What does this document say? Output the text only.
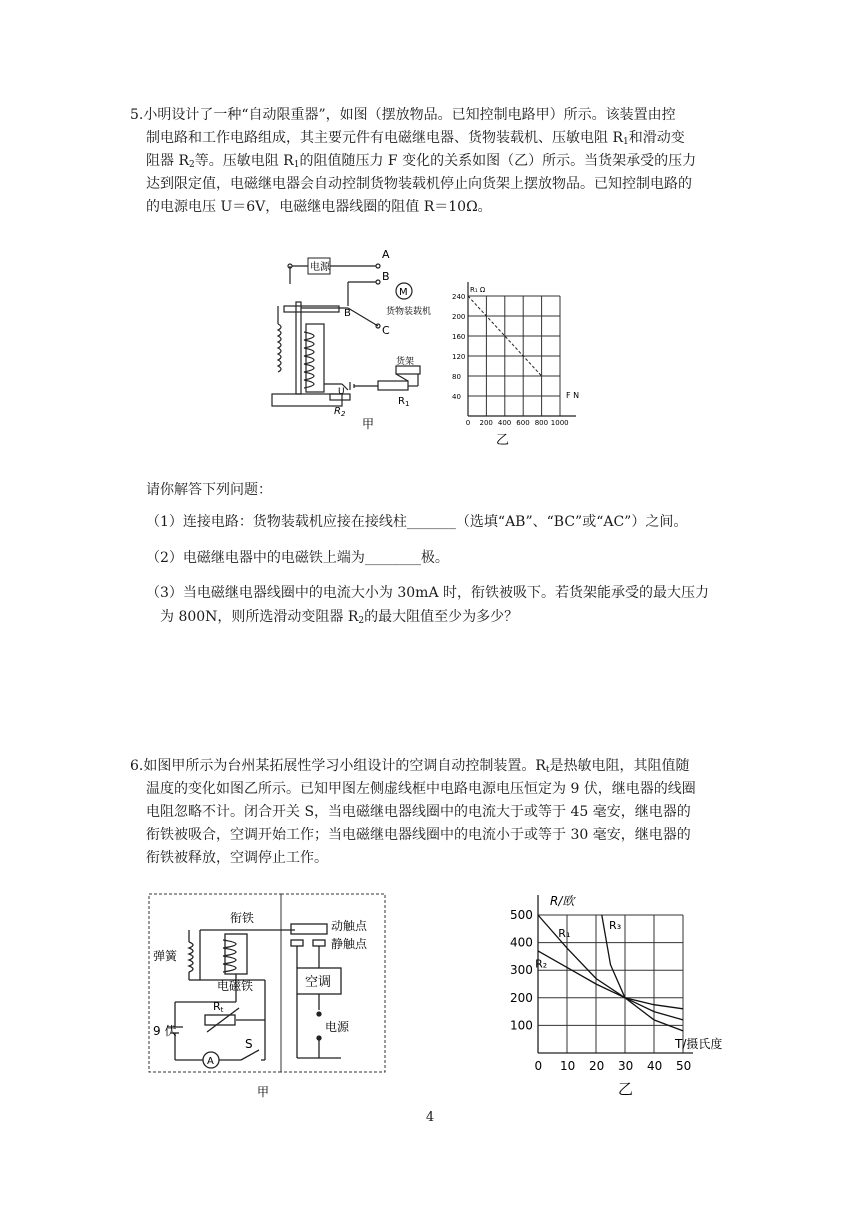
5.小明设计了一种“自动限重器”，如图（摆放物品。已知控制电路甲）所示。该装置由控
制电路和工作电路组成，其主要元件有电磁继电器、货物装载机、压敏电阻 $R_1$和滑动变
阻器 $R_2$等。压敏电阻 $R_1$的阻值随压力 F 变化的关系如图（乙）所示。当货架承受的压力
达到限定值，电磁继电器会自动控制货物装载机停止向货架上摆放物品。已知控制电路的
的电源电压 U＝6V，电磁继电器线圈的阻值 R＝10Ω。
电源
A
B
C
B
M
货物装载机
货架
$R_1$
$R_2$
U
甲	0 200 400 600 800 1000
40
80
120
160
200
240
R₁ Ω
F N
乙
请你解答下列问题：
（1）连接电路：货物装载机应接在接线柱_______（选填“AB”、“BC”或“AC”）之间。
（2）电磁继电器中的电磁铁上端为________极。
（3）当电磁继电器线圈中的电流大小为 30mA 时，衔铁被吸下。若货架能承受的最大压力
为 800N，则所选滑动变阻器 $R_2$的最大阻值至少为多少？
6.如图甲所示为台州某拓展性学习小组设计的空调自动控制装置。$R_t$是热敏电阻，其阻值随
温度的变化如图乙所示。已知甲图左侧虚线框中电路电源电压恒定为 9 伏，继电器的线圈
电阻忽略不计。闭合开关 S，当电磁继电器线圈中的电流大于或等于 45 毫安，继电器的
衔铁被吸合，空调开始工作；当电磁继电器线圈中的电流小于或等于 30 毫安，继电器的
衔铁被释放，空调停止工作。
衔铁
弹簧
电磁铁
动触点
静触点
空调
电源
9 伏
A
S
Rt
甲
0 10 20 30 40 50
100
200
300
400
500
R/欧
T/摄氏度
R₁
R₂
R₃
乙
4
